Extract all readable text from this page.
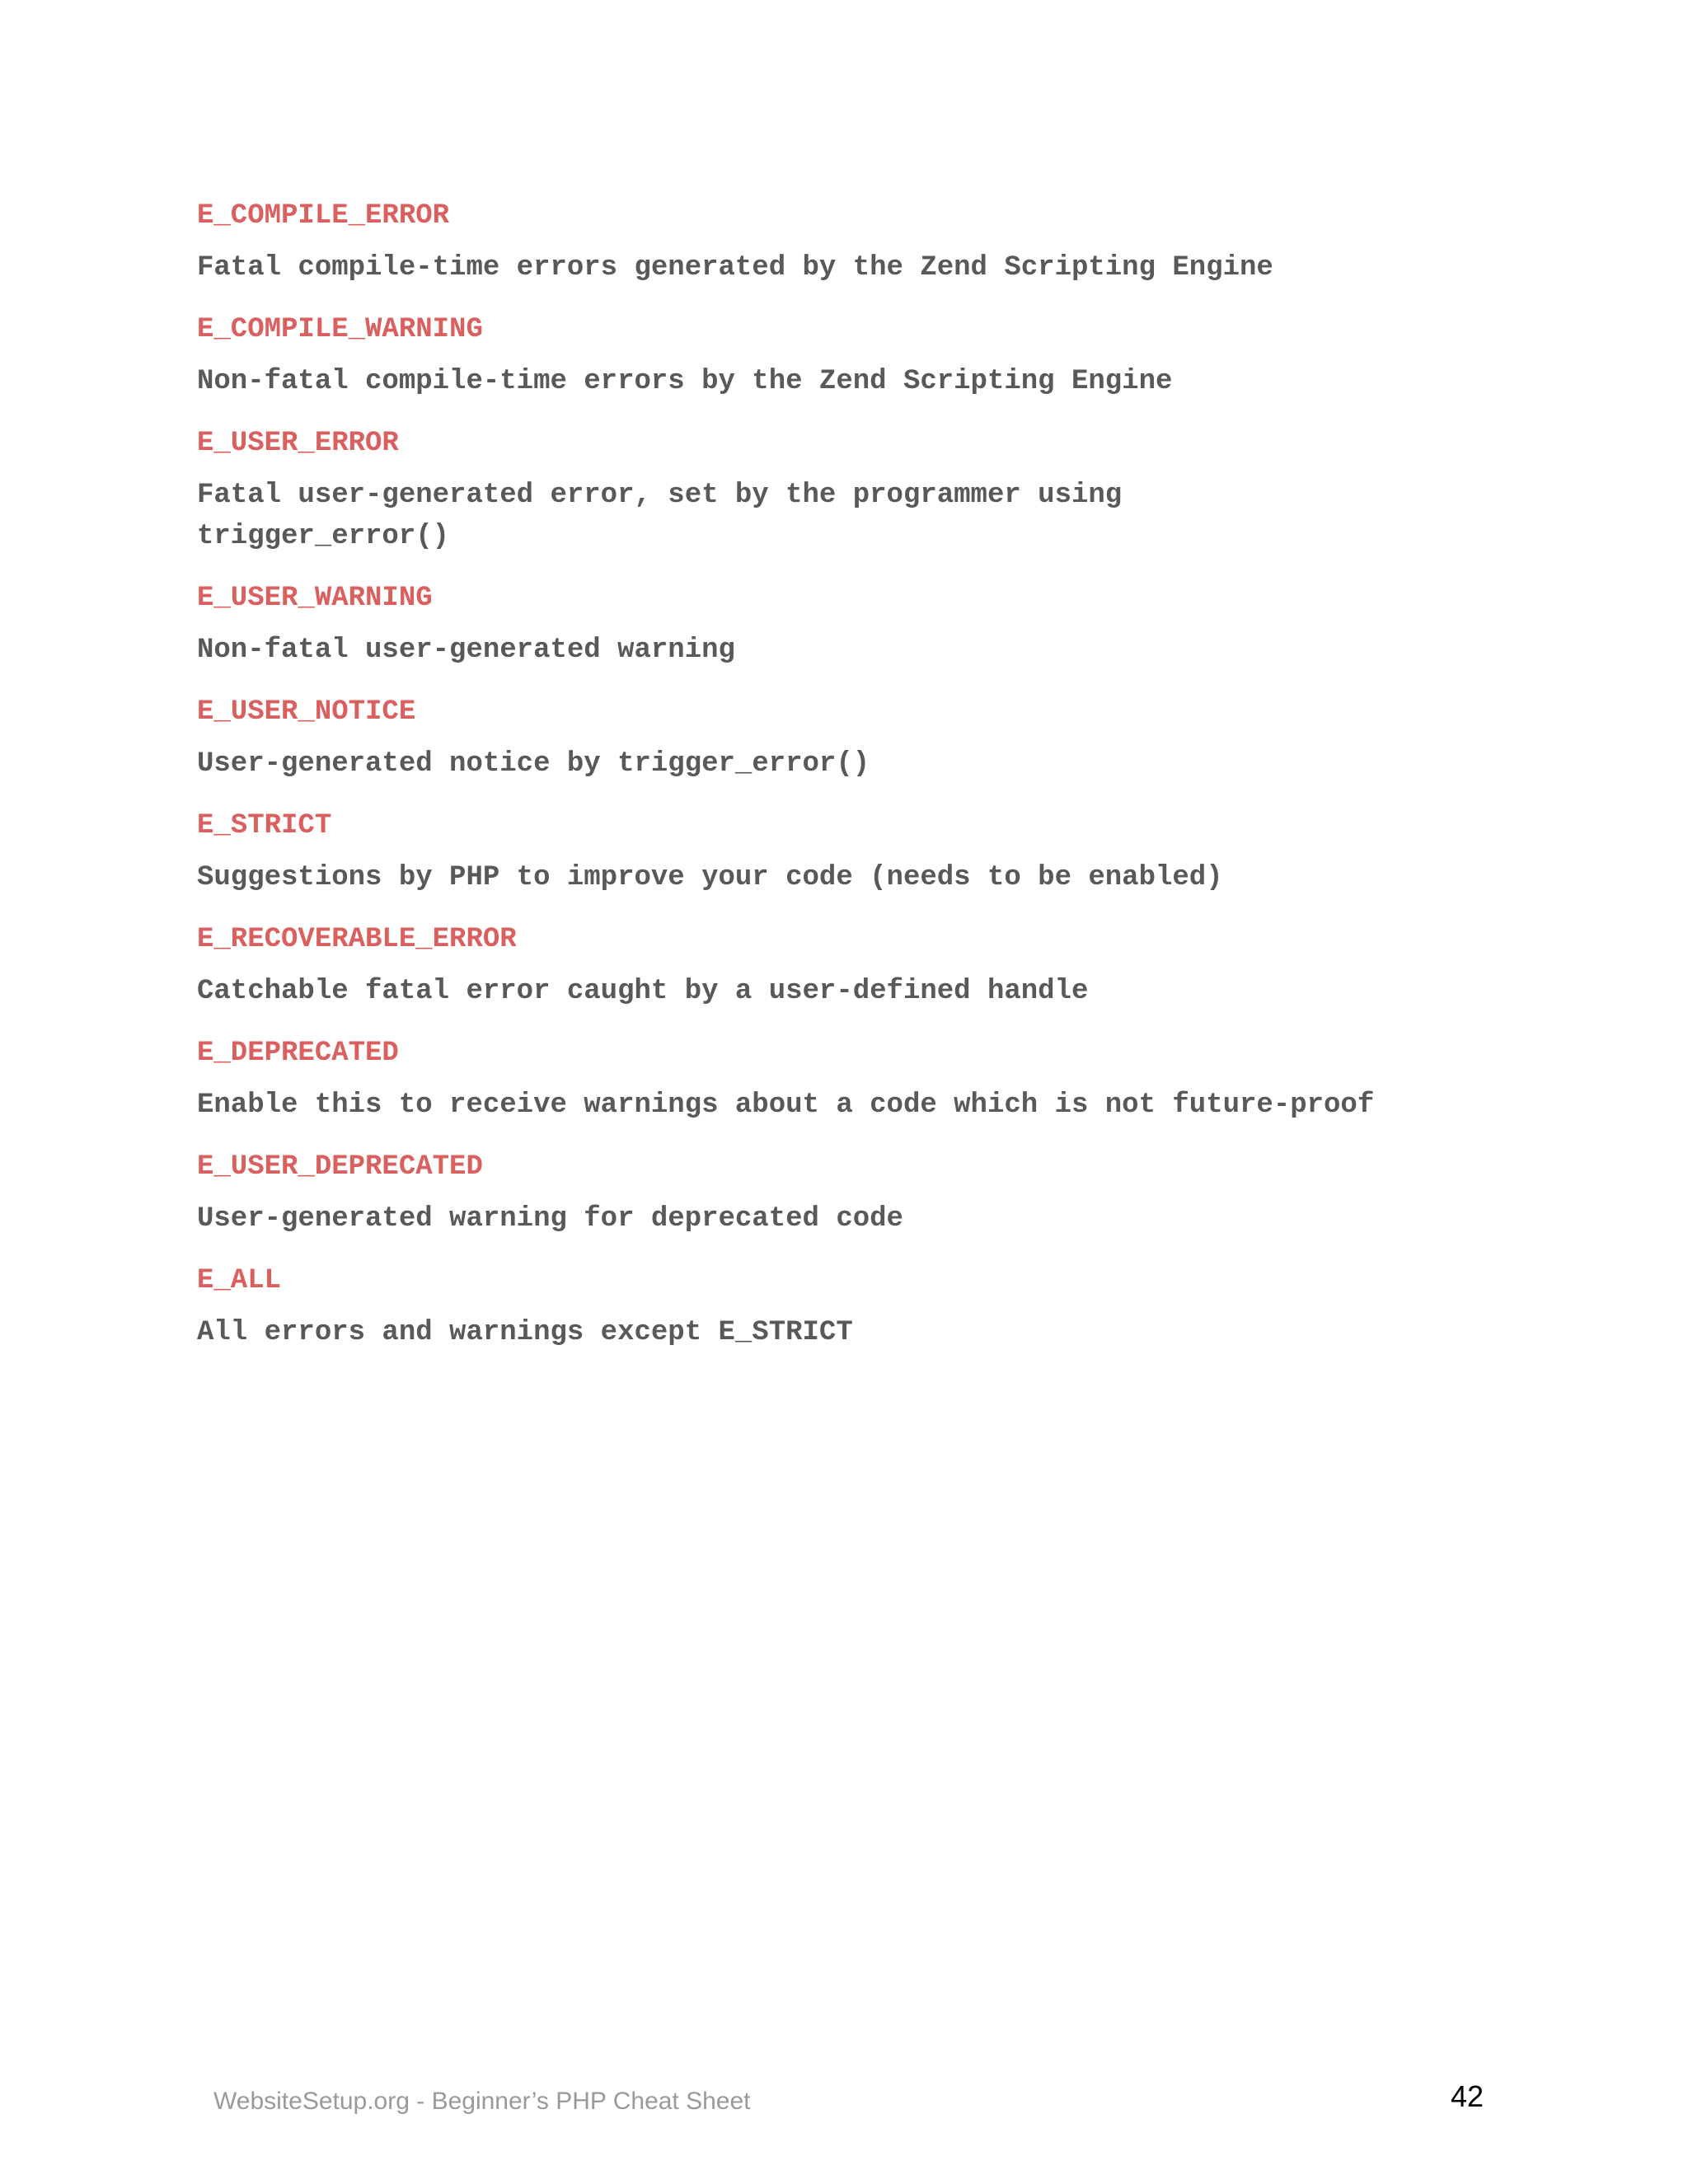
E_COMPILE_ERROR

Fatal compile-time errors generated by the Zend Scripting Engine

E_COMPILE_WARNING

Non-fatal compile-time errors by the Zend Scripting Engine

E_USER_ERROR

Fatal user-generated error, set by the programmer using
trigger_error()

E_USER_WARNING

Non-fatal user-generated warning

E_USER_NOTICE

User-generated notice by trigger_error()

E_STRICT

Suggestions by PHP to improve your code (needs to be enabled)

E_RECOVERABLE_ERROR

Catchable fatal error caught by a user-defined handle

E_DEPRECATED

Enable this to receive warnings about a code which is not future-proof

E_USER_DEPRECATED

User-generated warning for deprecated code

E_ALL

All errors and warnings except E_STRICT

WebsiteSetup.org - Beginner’s PHP Cheat Sheet	42
